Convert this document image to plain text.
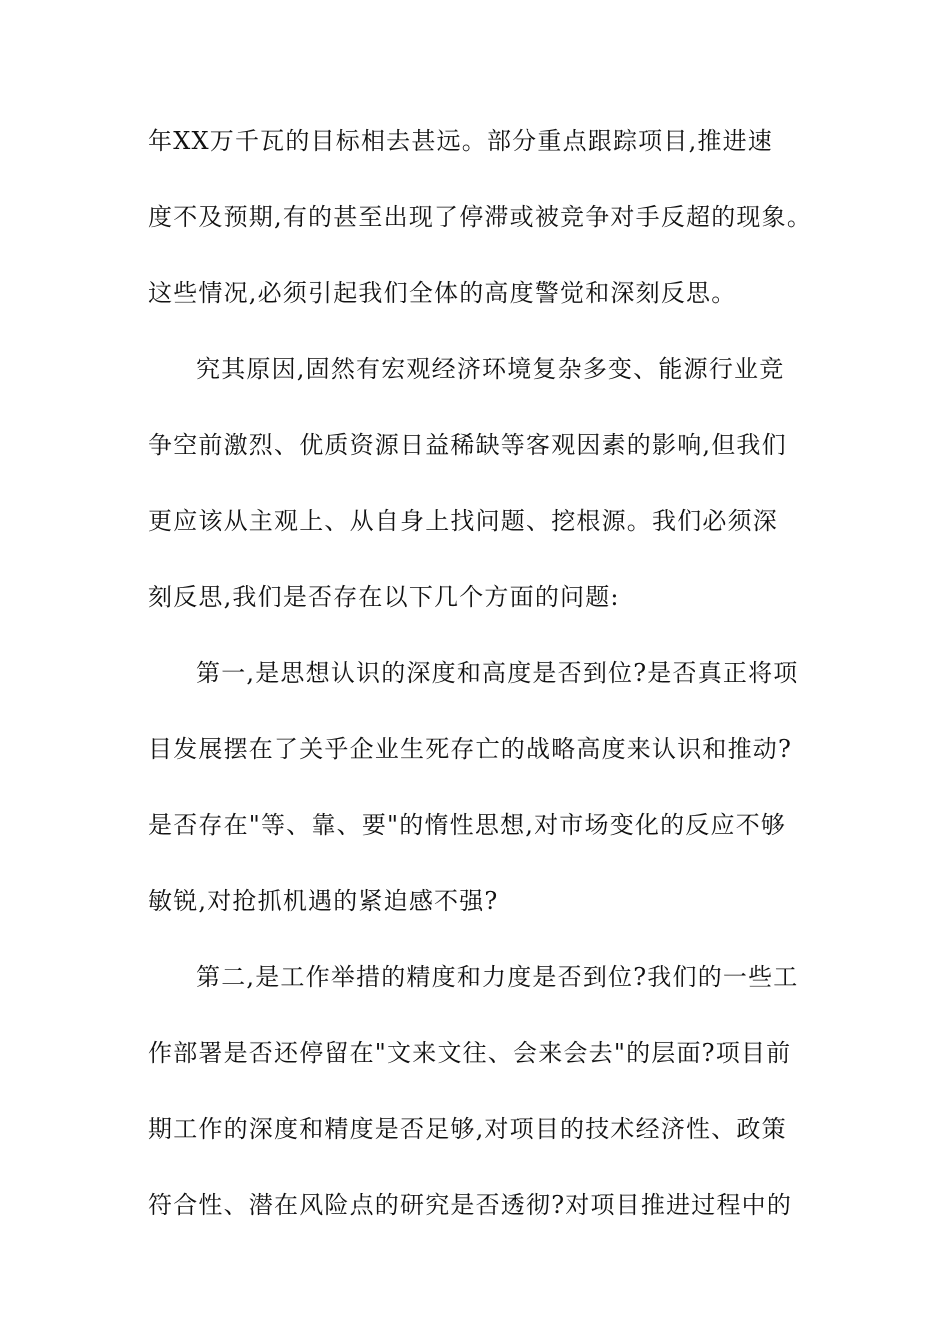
年XX万千瓦的目标相去甚远。部分重点跟踪项目,推进速
度不及预期,有的甚至出现了停滞或被竞争对手反超的现象。
这些情况,必须引起我们全体的高度警觉和深刻反思。
究其原因,固然有宏观经济环境复杂多变、能源行业竞
争空前激烈、优质资源日益稀缺等客观因素的影响,但我们
更应该从主观上、从自身上找问题、挖根源。我们必须深
刻反思,我们是否存在以下几个方面的问题:
第一,是思想认识的深度和高度是否到位?是否真正将项
目发展摆在了关乎企业生死存亡的战略高度来认识和推动?
是否存在"等、靠、要"的惰性思想,对市场变化的反应不够
敏锐,对抢抓机遇的紧迫感不强?
第二,是工作举措的精度和力度是否到位?我们的一些工
作部署是否还停留在"文来文往、会来会去"的层面?项目前
期工作的深度和精度是否足够,对项目的技术经济性、政策
符合性、潜在风险点的研究是否透彻?对项目推进过程中的
